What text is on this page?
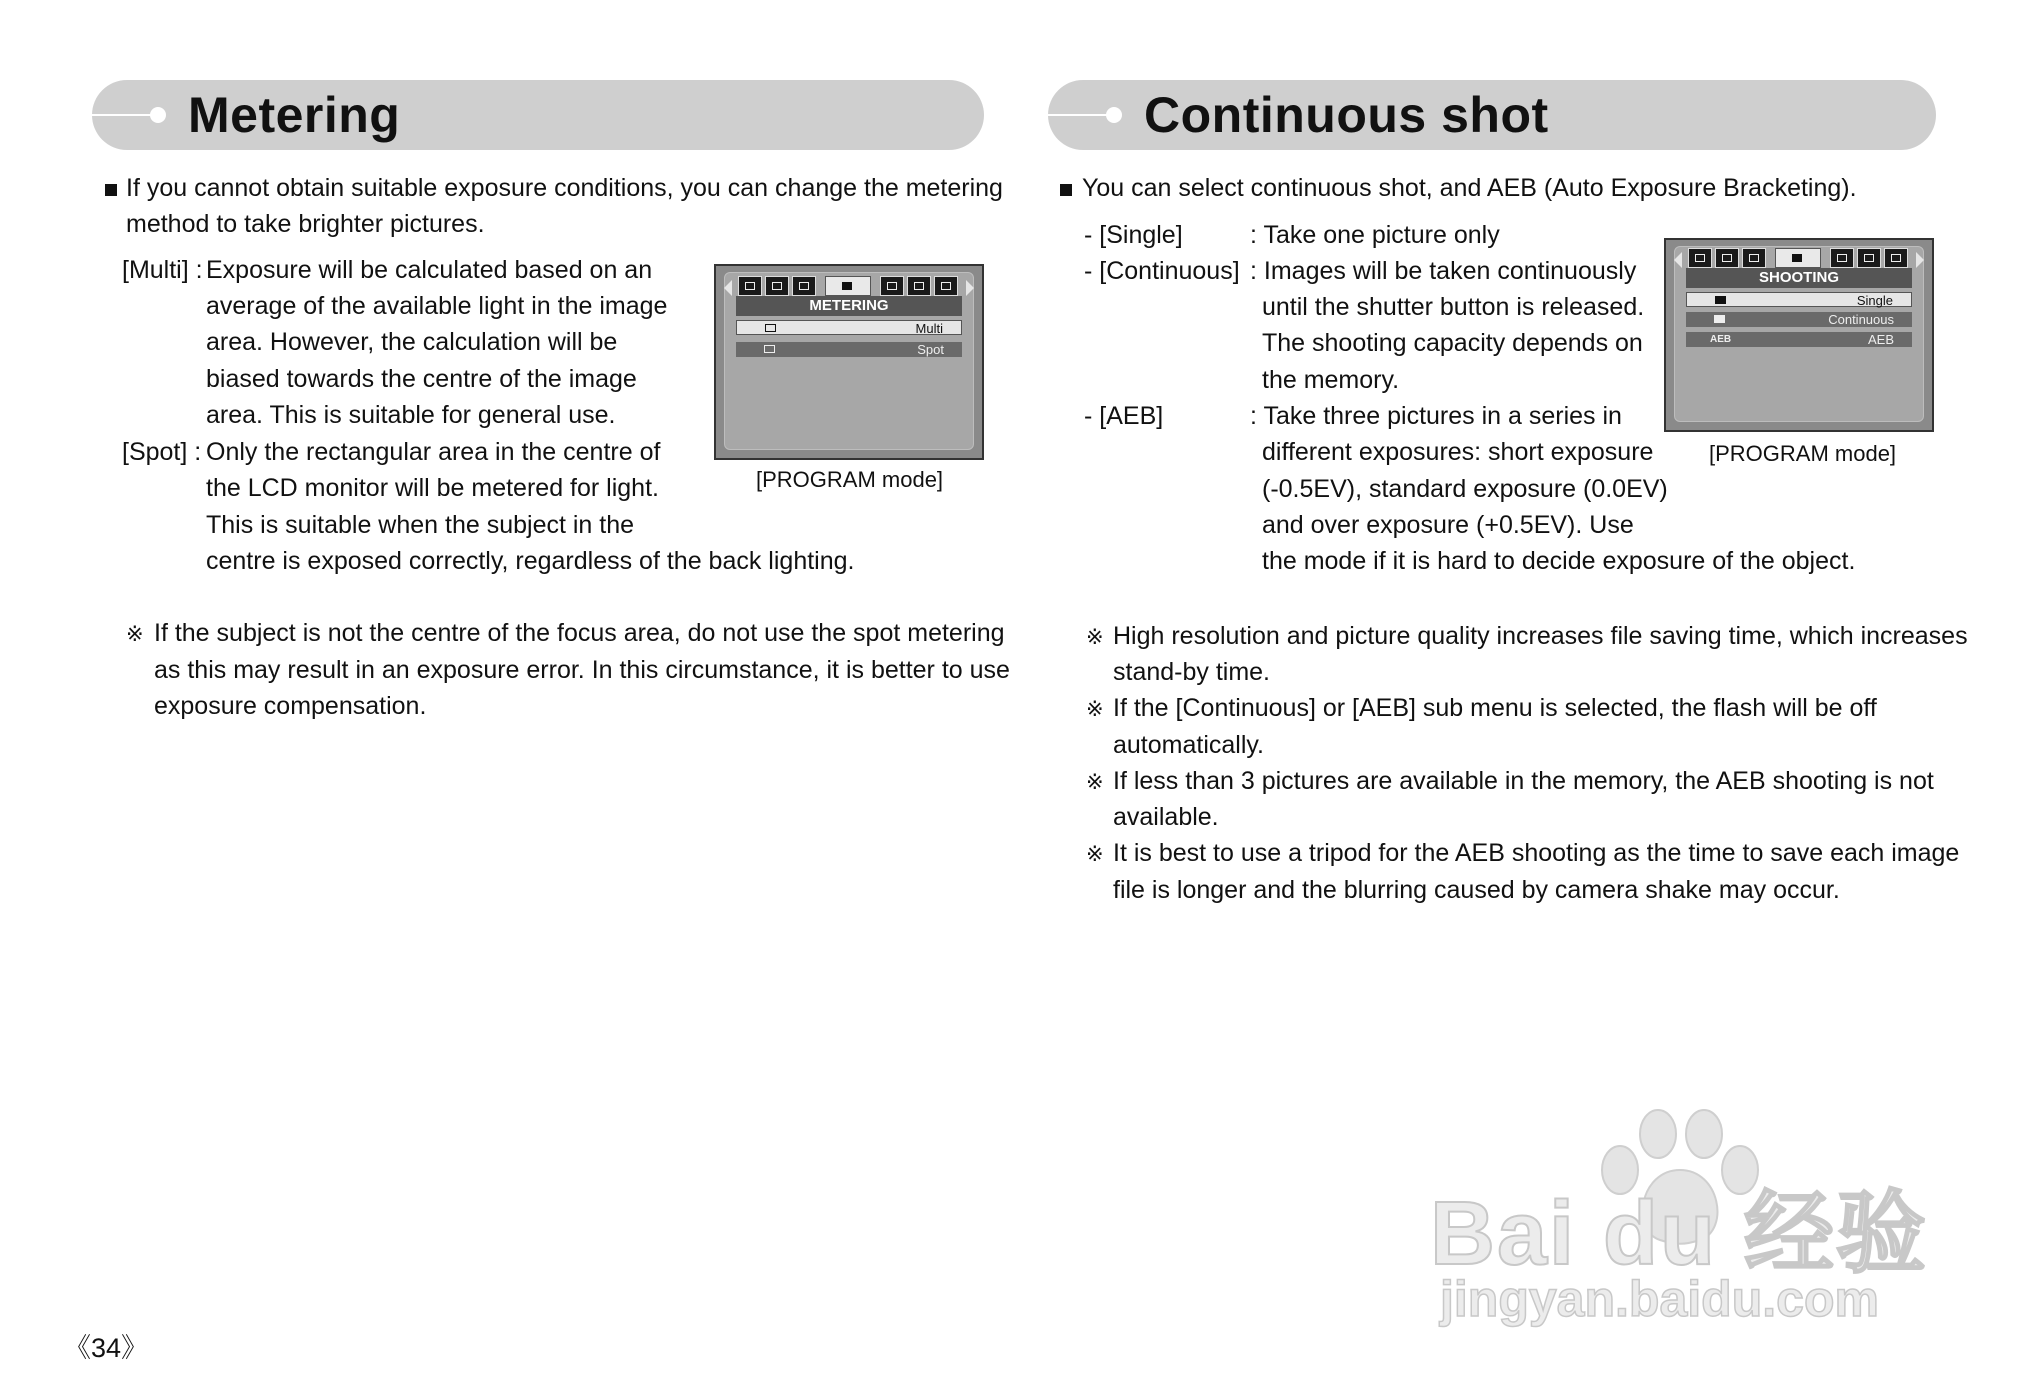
Metering
If you cannot obtain suitable exposure conditions, you can change the metering
method to take brighter pictures.
[Multi] : Exposure will be calculated based on an
average of the available light in the image
area. However, the calculation will be
biased towards the centre of the image
area. This is suitable for general use.
[Spot] : Only the rectangular area in the centre of
the LCD monitor will be metered for light.
This is suitable when the subject in the
centre is exposed correctly, regardless of the back lighting.
※ If the subject is not the centre of the focus area, do not use the spot metering
as this may result in an exposure error. In this circumstance, it is better to use
exposure compensation.
METERING
Multi
Spot
[PROGRAM mode]
Continuous shot
You can select continuous shot, and AEB (Auto Exposure Bracketing).
- [Single]	: Take one picture only
- [Continuous] : Images will be taken continuously
until the shutter button is released.
The shooting capacity depends on
the memory.
- [AEB]	: Take three pictures in a series in
different exposures: short exposure
(-0.5EV), standard exposure (0.0EV)
and over exposure (+0.5EV). Use
the mode if it is hard to decide exposure of the object.
※ High resolution and picture quality increases file saving time, which increases
stand-by time.
※ If the [Continuous] or [AEB] sub menu is selected, the flash will be off
automatically.
※ If less than 3 pictures are available in the memory, the AEB shooting is not
available.
※ It is best to use a tripod for the AEB shooting as the time to save each image
file is longer and the blurring caused by camera shake may occur.
SHOOTING
Single
Continuous
AEB	AEB
[PROGRAM mode]
《34》
Bai du 经验
jingyan.baidu.com
